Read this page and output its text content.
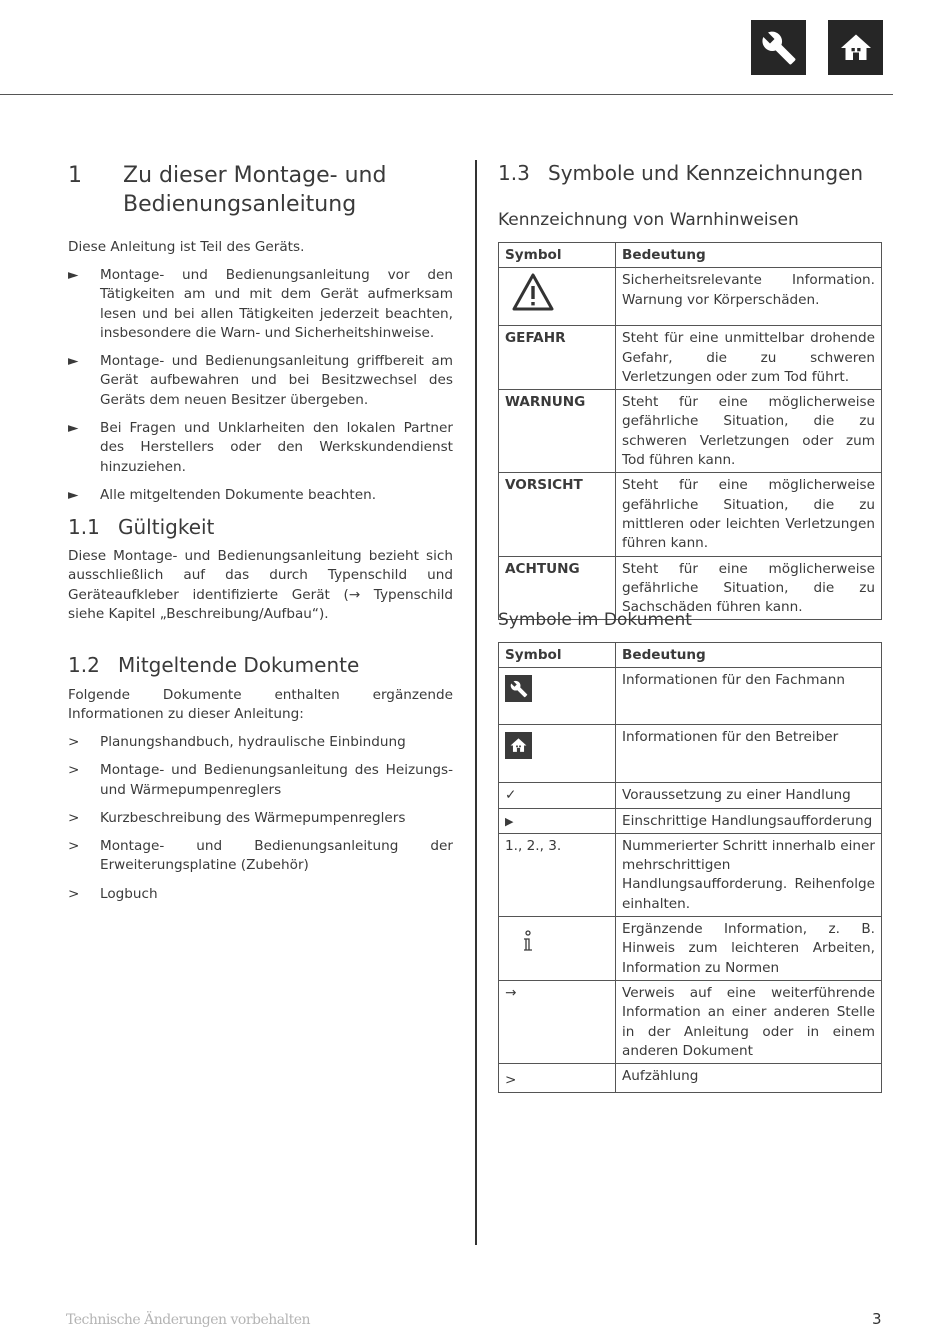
1 Zu dieser Montage- und Bedienungsanleitung
Diese Anleitung ist Teil des Geräts.
► Montage- und Bedienungsanleitung vor den Tätigkeiten am und mit dem Gerät aufmerksam lesen und bei allen Tätigkeiten jederzeit beachten, insbesondere die Warn- und Sicherheitshinweise.
► Montage- und Bedienungsanleitung griffbereit am Gerät aufbewahren und bei Besitzwechsel des Geräts dem neuen Besitzer übergeben.
► Bei Fragen und Unklarheiten den lokalen Partner des Herstellers oder den Werkskundendienst hinzuziehen.
► Alle mitgeltenden Dokumente beachten.
1.1 Gültigkeit
Diese Montage- und Bedienungsanleitung bezieht sich ausschließlich auf das durch Typenschild und Geräteaufkleber identifizierte Gerät (→ Typenschild siehe Kapitel „Beschreibung/Aufbau“).
1.2 Mitgeltende Dokumente
Folgende Dokumente enthalten ergänzende Informationen zu dieser Anleitung:
> Planungshandbuch, hydraulische Einbindung
> Montage- und Bedienungsanleitung des Heizungs- und Wärmepumpenreglers
> Kurzbeschreibung des Wärmepumpenreglers
> Montage- und Bedienungsanleitung der Erweiterungsplatine (Zubehör)
> Logbuch
1.3 Symbole und Kennzeichnungen
Kennzeichnung von Warnhinweisen
Symbol	Bedeutung
	Sicherheitsrelevante Information. Warnung vor Körperschäden.
GEFAHR	Steht für eine unmittelbar drohende Gefahr, die zu schweren Verletzungen oder zum Tod führt.
WARNUNG	Steht für eine möglicherweise gefährliche Situation, die zu schweren Verletzungen oder zum Tod führen kann.
VORSICHT	Steht für eine möglicherweise gefährliche Situation, die zu mittleren oder leichten Verletzungen führen kann.
ACHTUNG	Steht für eine möglicherweise gefährliche Situation, die zu Sachschäden führen kann.
Symbole im Dokument
Symbol	Bedeutung

	Informationen für den Fachmann

	Informationen für den Betreiber
✓	Voraussetzung zu einer Handlung
▶	Einschrittige Handlungsaufforderung
1., 2., 3.	Nummerierter Schritt innerhalb einer mehrschrittigen Handlungsaufforderung. Reihenfolge einhalten.
	Ergänzende Information, z. B. Hinweis zum leichteren Arbeiten, Information zu Normen
→	Verweis auf eine weiterführende Information an einer anderen Stelle in der Anleitung oder in einem anderen Dokument
>	Aufzählung
Technische Änderungen vorbehalten	3
